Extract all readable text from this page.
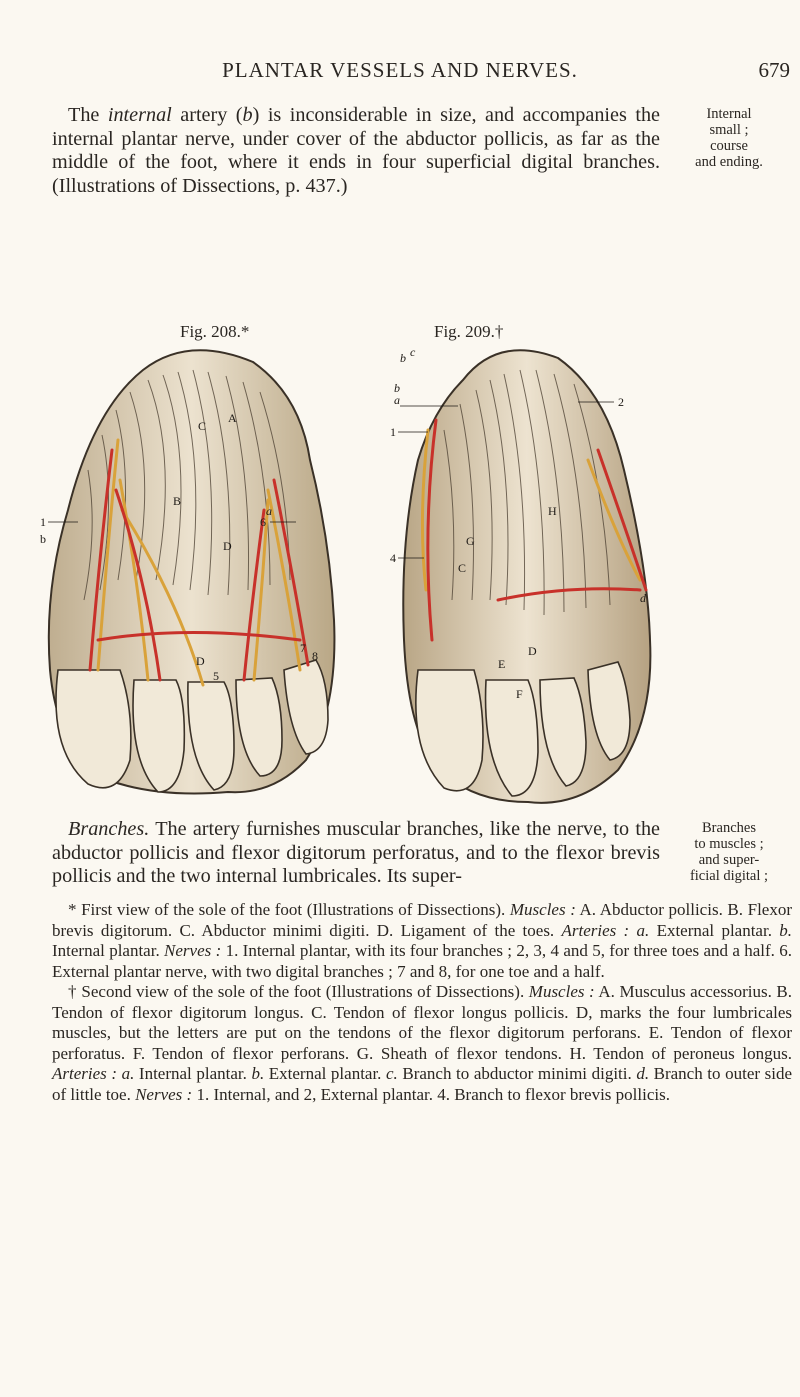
PLANTAR VESSELS AND NERVES.	679

The internal artery (b) is inconsiderable in size, and accompanies the internal plantar nerve, under cover of the abductor pollicis, as far as the middle of the foot, where it ends in four superficial digital branches. (Illustrations of Dissections, p. 437.)

Internal
small ;
course
and ending.
Fig. 208.*	Fig. 209.†
A
C
B
D
1
b
a
6
5
D
7
8
b c
b
a
1
2
H
4
G
C
d
E
D
F

Branches. The artery furnishes muscular branches, like the nerve, to the abductor pollicis and flexor digitorum perforatus, and to the flexor brevis pollicis and the two internal lumbricales. Its super-

Branches
to muscles ;
and super-
ficial digital ;

* First view of the sole of the foot (Illustrations of Dissections). Muscles : A. Abductor pollicis. B. Flexor brevis digitorum. C. Abductor minimi digiti. D. Ligament of the toes. Arteries : a. External plantar. b. Internal plantar. Nerves : 1. Internal plantar, with its four branches ; 2, 3, 4 and 5, for three toes and a half. 6. External plantar nerve, with two digital branches ; 7 and 8, for one toe and a half.

† Second view of the sole of the foot (Illustrations of Dissections). Muscles : A. Musculus accessorius. B. Tendon of flexor digitorum longus. C. Tendon of flexor longus pollicis. D, marks the four lumbricales muscles, but the letters are put on the tendons of the flexor digitorum perforans. E. Tendon of flexor perforatus. F. Tendon of flexor perforans. G. Sheath of flexor tendons. H. Tendon of peroneus longus. Arteries : a. Internal plantar. b. External plantar. c. Branch to abductor minimi digiti. d. Branch to outer side of little toe. Nerves : 1. Internal, and 2, External plantar. 4. Branch to flexor brevis pollicis.
